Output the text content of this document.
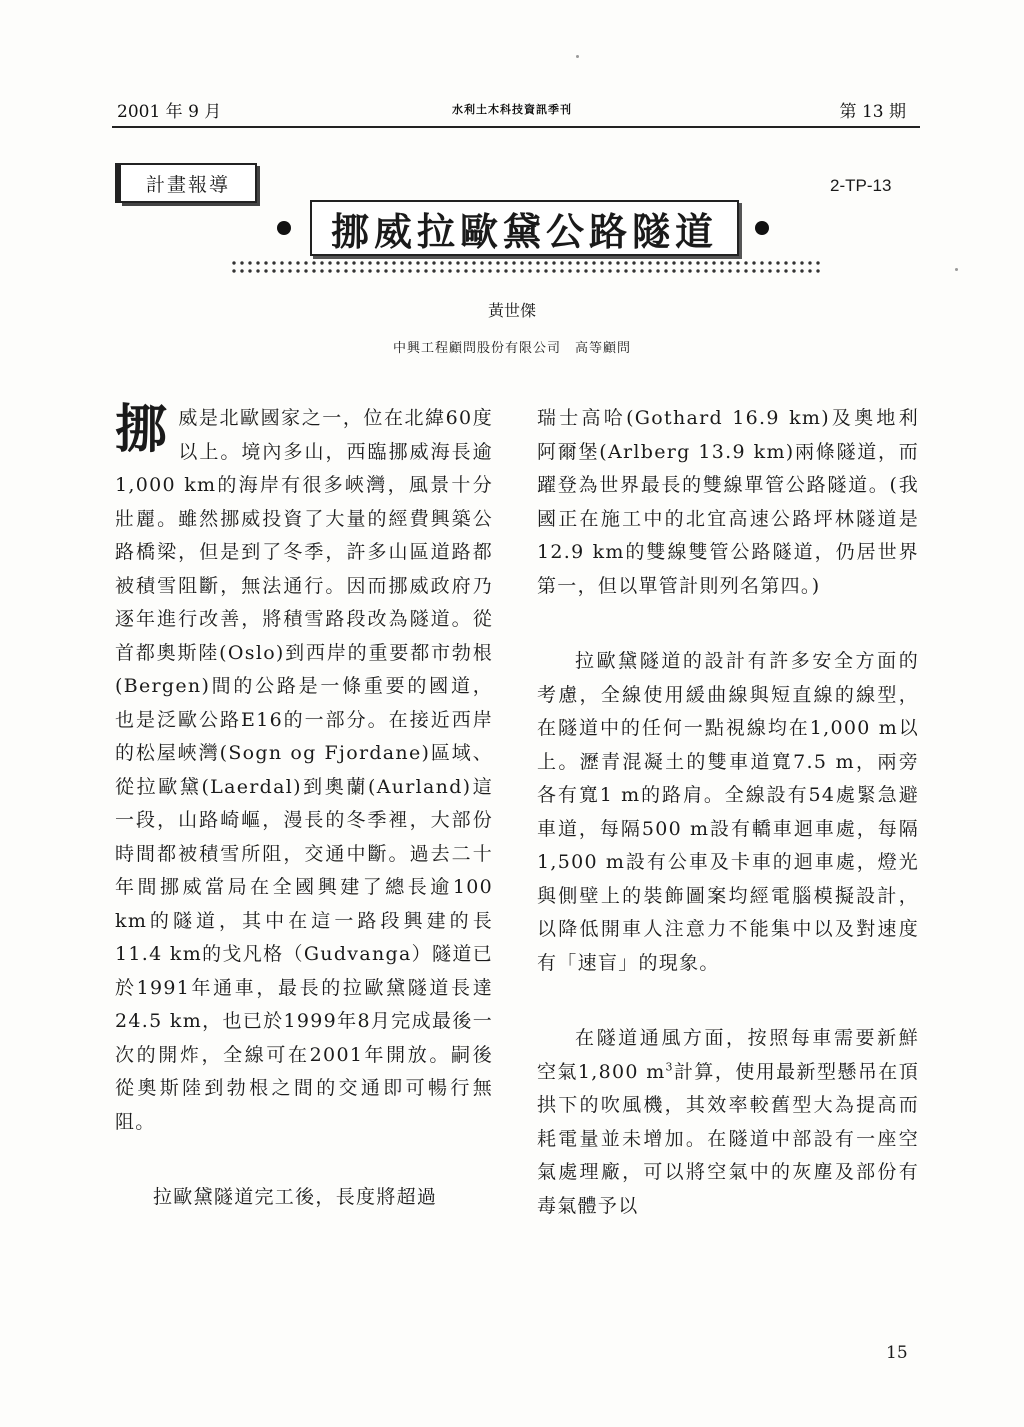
2001 年 9 月	水利土木科技資訊季刊	第 13 期
計畫報導	2-TP-13
挪威拉歐黛公路隧道
黃世傑
中興工程顧問股份有限公司　高等顧問

挪威是北歐國家之一，位在北緯60度以上。境內多山，西臨挪威海長逾1,000 km的海岸有很多峽灣，風景十分壯麗。雖然挪威投資了大量的經費興築公路橋梁，但是到了冬季，許多山區道路都被積雪阻斷，無法通行。因而挪威政府乃逐年進行改善，將積雪路段改為隧道。從首都奧斯陸(Oslo)到西岸的重要都市勃根(Bergen)間的公路是一條重要的國道，也是泛歐公路E16的一部分。在接近西岸的松屋峽灣(Sogn og Fjordane)區域、從拉歐黛(Laerdal)到奧蘭(Aurland)這一段，山路崎嶇，漫長的冬季裡，大部份時間都被積雪所阻，交通中斷。過去二十年間挪威當局在全國興建了總長逾100 km的隧道，其中在這一路段興建的長11.4 km的戈凡格（Gudvanga）隧道已於1991年通車，最長的拉歐黛隧道長達24.5 km，也已於1999年8月完成最後一次的開炸，全線可在2001年開放。嗣後從奧斯陸到勃根之間的交通即可暢行無阻。

拉歐黛隧道完工後，長度將超過

瑞士高哈(Gothard 16.9 km)及奧地利阿爾堡(Arlberg 13.9 km)兩條隧道，而躍登為世界最長的雙線單管公路隧道。(我國正在施工中的北宜高速公路坪林隧道是12.9 km的雙線雙管公路隧道，仍居世界第一，但以單管計則列名第四。)

拉歐黛隧道的設計有許多安全方面的考慮，全線使用緩曲線與短直線的線型，在隧道中的任何一點視線均在1,000 m以上。瀝青混凝土的雙車道寬7.5 m，兩旁各有寬1 m的路肩。全線設有54處緊急避車道，每隔500 m設有轎車迴車處，每隔1,500 m設有公車及卡車的迴車處，燈光與側壁上的裝飾圖案均經電腦模擬設計，以降低開車人注意力不能集中以及對速度有「速盲」的現象。

在隧道通風方面，按照每車需要新鮮空氣1,800 $m^3$計算，使用最新型懸吊在頂拱下的吹風機，其效率較舊型大為提高而耗電量並未增加。在隧道中部設有一座空氣處理廠，可以將空氣中的灰塵及部份有毒氣體予以

15
